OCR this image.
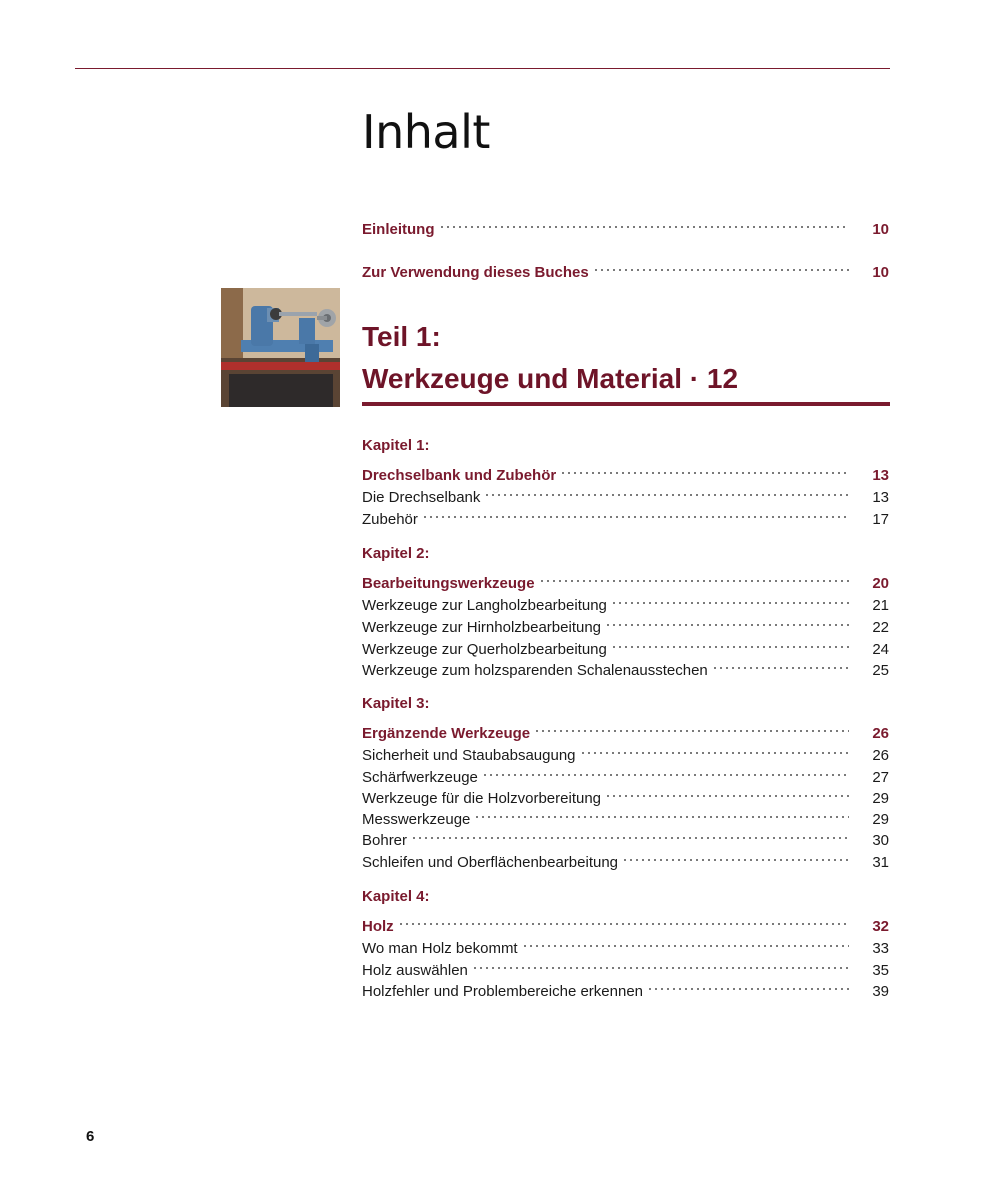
Inhalt
Einleitung	10
Zur Verwendung dieses Buches	10
Teil 1:
Werkzeuge und Material · 12
Kapitel 1:
Drechselbank und Zubehör	13
Die Drechselbank	13
Zubehör	17
Kapitel 2:
Bearbeitungswerkzeuge	20
Werkzeuge zur Langholzbearbeitung	21
Werkzeuge zur Hirnholzbearbeitung	22
Werkzeuge zur Querholzbearbeitung	24
Werkzeuge zum holzsparenden Schalenausstechen	25
Kapitel 3:
Ergänzende Werkzeuge	26
Sicherheit und Staubabsaugung	26
Schärfwerkzeuge	27
Werkzeuge für die Holzvorbereitung	29
Messwerkzeuge	29
Bohrer	30
Schleifen und Oberflächenbearbeitung	31
Kapitel 4:
Holz	32
Wo man Holz bekommt	33
Holz auswählen	35
Holzfehler und Problembereiche erkennen	39
6
